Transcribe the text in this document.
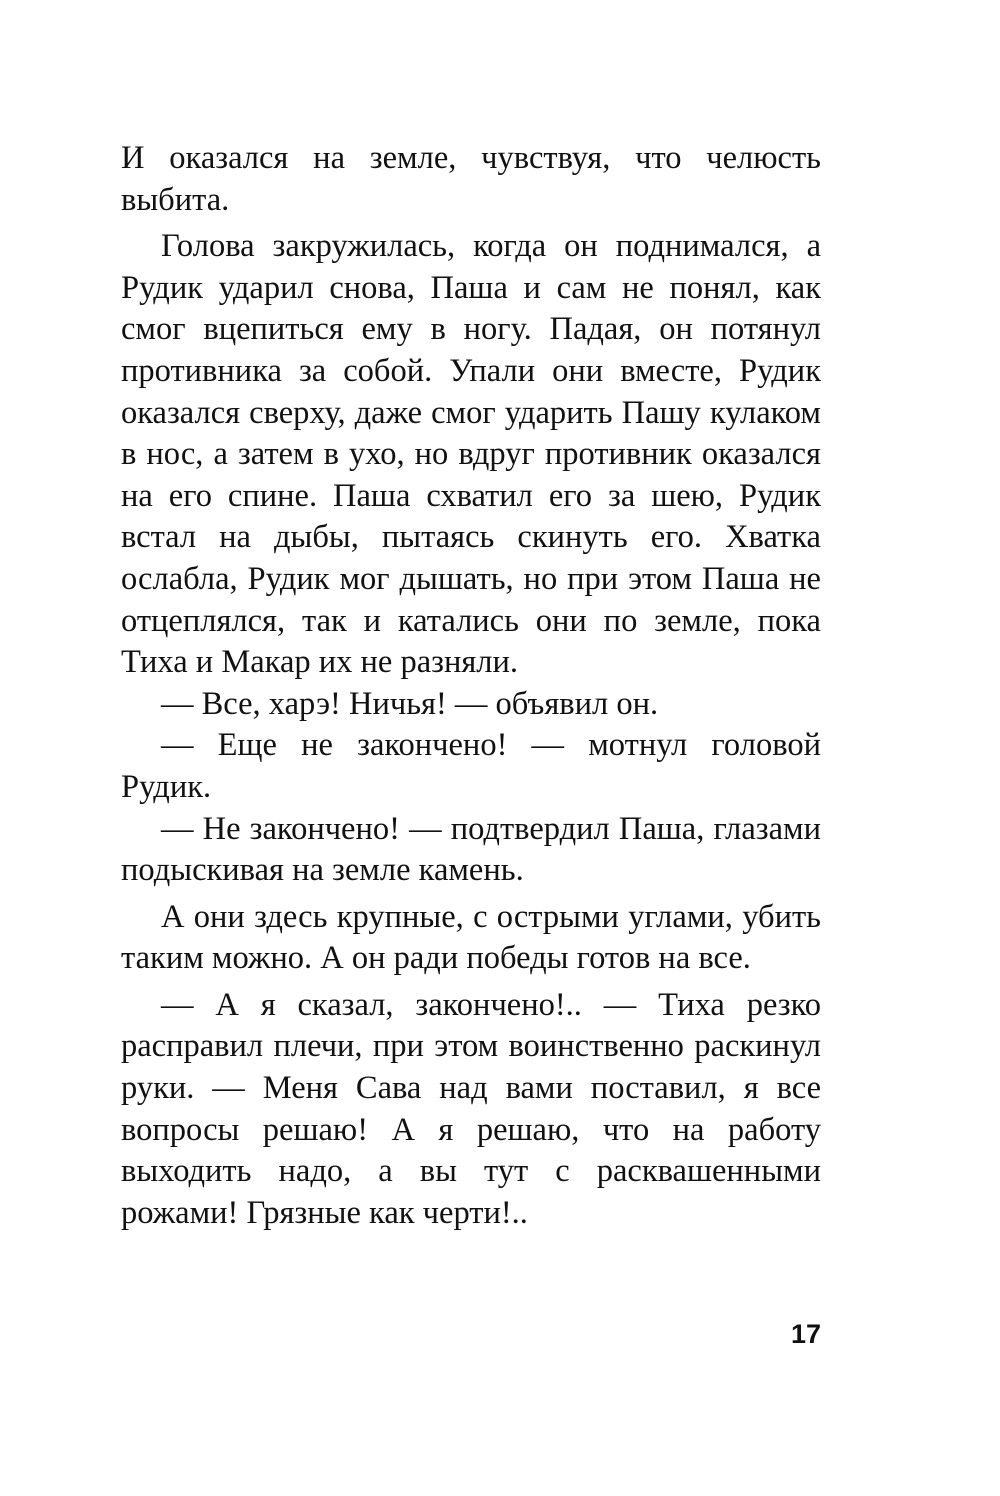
И оказался на земле, чувствуя, что челюсть выбита.

Голова закружилась, когда он поднимался, а Рудик ударил снова, Паша и сам не понял, как смог вцепиться ему в ногу. Падая, он потянул противника за собой. Упали они вместе, Рудик оказался сверху, даже смог ударить Пашу кулаком в нос, а затем в ухо, но вдруг противник оказался на его спине. Паша схватил его за шею, Рудик встал на дыбы, пытаясь скинуть его. Хватка ослабла, Рудик мог дышать, но при этом Паша не отцеплялся, так и катались они по земле, пока Тиха и Макар их не разняли.

— Все, харэ! Ничья! — объявил он.

— Еще не закончено! — мотнул головой Рудик.

— Не закончено! — подтвердил Паша, глазами подыскивая на земле камень.

А они здесь крупные, с острыми углами, убить таким можно. А он ради победы готов на все.

— А я сказал, закончено!.. — Тиха резко расправил плечи, при этом воинственно раскинул руки. — Меня Сава над вами поставил, я все вопросы решаю! А я решаю, что на работу выходить надо, а вы тут с расквашенными рожами! Грязные как черти!..

17
